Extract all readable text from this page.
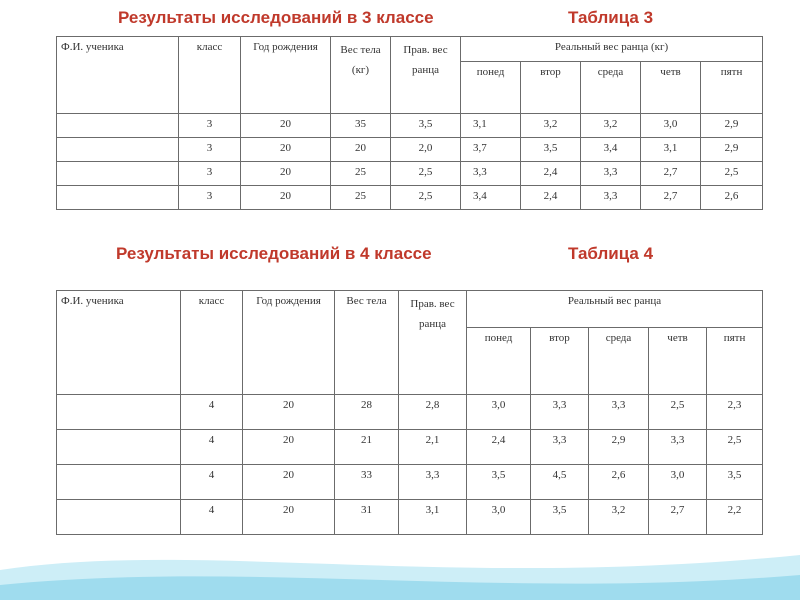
Результаты исследований в 3 классе	Таблица 3
Ф.И. ученика	класс	Год рождения	Вес тела (кг)	Прав. вес ранца	Реальный вес ранца (кг)				
					понед	втор	среда	четв	пятн
	3	20	35	3,5	3,1	3,2	3,2	3,0	2,9
	3	20	20	2,0	3,7	3,5	3,4	3,1	2,9
	3	20	25	2,5	3,3	2,4	3,3	2,7	2,5
	3	20	25	2,5	3,4	2,4	3,3	2,7	2,6
Результаты исследований в 4 классе	Таблица 4
Ф.И. ученика	класс	Год рождения	Вес тела	Прав. вес ранца	Реальный вес ранца				
					понед	втор	среда	четв	пятн
	4	20	28	2,8	3,0	3,3	3,3	2,5	2,3
	4	20	21	2,1	2,4	3,3	2,9	3,3	2,5
	4	20	33	3,3	3,5	4,5	2,6	3,0	3,5
	4	20	31	3,1	3,0	3,5	3,2	2,7	2,2
